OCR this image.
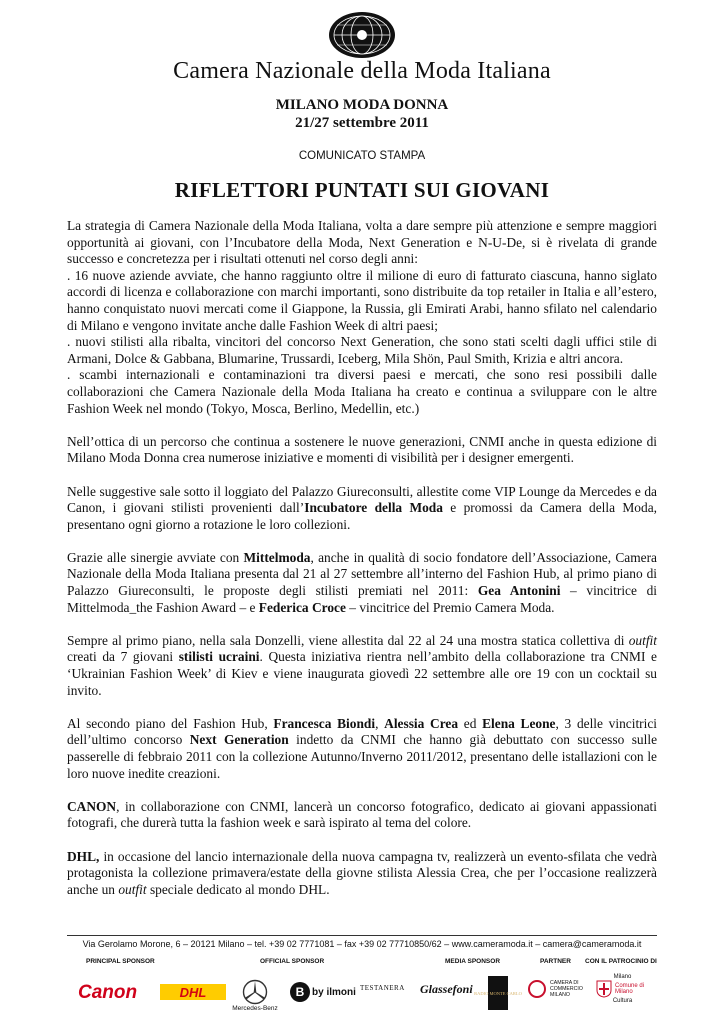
Camera Nazionale della Moda Italiana
MILANO MODA DONNA
21/27 settembre 2011
COMUNICATO STAMPA
RIFLETTORI PUNTATI SUI GIOVANI

La strategia di Camera Nazionale della Moda Italiana, volta a dare sempre più attenzione e sempre maggiori opportunità ai giovani, con l’Incubatore della Moda, Next Generation e N-U-De, si è rivelata di grande successo e concretezza per i risultati ottenuti nel corso degli anni:
. 16 nuove aziende avviate, che hanno raggiunto oltre il milione di euro di fatturato ciascuna, hanno siglato accordi di licenza e collaborazione con marchi importanti, sono distribuite da top retailer in Italia e all’estero, hanno conquistato nuovi mercati come il Giappone, la Russia, gli Emirati Arabi, hanno sfilato nel calendario di Milano e vengono invitate anche dalle Fashion Week di altri paesi;
. nuovi stilisti alla ribalta, vincitori del concorso Next Generation, che sono stati scelti dagli uffici stile di Armani, Dolce & Gabbana, Blumarine, Trussardi, Iceberg, Mila Shön, Paul Smith, Krizia e altri ancora.
. scambi internazionali e contaminazioni tra diversi paesi e mercati, che sono resi possibili dalle collaborazioni che Camera Nazionale della Moda Italiana ha creato e continua a sviluppare con le altre Fashion Week nel mondo (Tokyo, Mosca, Berlino, Medellin, etc.)

Nell’ottica di un percorso che continua a sostenere le nuove generazioni, CNMI anche in questa edizione di Milano Moda Donna crea numerose iniziative e momenti di visibilità per i designer emergenti.

Nelle suggestive sale sotto il loggiato del Palazzo Giureconsulti, allestite come VIP Lounge da Mercedes e da Canon, i giovani stilisti provenienti dall’Incubatore della Moda e promossi da Camera della Moda, presentano ogni giorno a rotazione le loro collezioni.

Grazie alle sinergie avviate con Mittelmoda, anche in qualità di socio fondatore dell’Associazione, Camera Nazionale della Moda Italiana presenta dal 21 al 27 settembre all’interno del Fashion Hub, al primo piano di Palazzo Giureconsulti, le proposte degli stilisti premiati nel 2011: Gea Antonini – vincitrice di Mittelmoda_the Fashion Award – e Federica Croce – vincitrice del Premio Camera Moda.

Sempre al primo piano, nella sala Donzelli, viene allestita dal 22 al 24 una mostra statica collettiva di outfit creati da 7 giovani stilisti ucraini. Questa iniziativa rientra nell’ambito della collaborazione tra CNMI e ‘Ukrainian Fashion Week’ di Kiev e viene inaugurata giovedì 22 settembre alle ore 19 con un cocktail su invito.

Al secondo piano del Fashion Hub, Francesca Biondi, Alessia Crea ed Elena Leone, 3 delle vincitrici dell’ultimo concorso Next Generation indetto da CNMI che hanno già debuttato con successo sulle passerelle di febbraio 2011 con la collezione Autunno/Inverno 2011/2012, presentano delle istallazioni con le loro nuove inedite creazioni.

CANON, in collaborazione con CNMI, lancerà un concorso fotografico, dedicato ai giovani appassionati fotografi, che durerà tutta la fashion week e sarà ispirato al tema del colore.

DHL, in occasione del lancio internazionale della nuova campagna tv, realizzerà un evento-sfilata che vedrà protagonista la collezione primavera/estate della giovne stilista Alessia Crea, che per l’occasione realizzerà anche un outfit speciale dedicato al mondo DHL.

Via Gerolamo Morone, 6 – 20121 Milano – tel. +39 02 7771081 – fax +39 02 77710850/62 – www.cameramoda.it – camera@cameramoda.it
PRINCIPAL SPONSOR	OFFICIAL SPONSOR	MEDIA SPONSOR	PARTNER CON IL PATROCINIO DI
Canon	DHL
Mercedes-Benz
B by ilmoni TESTANERA Glassefoni RADIO MONTE CARLO
CAMERA DI COMMERCIO MILANO
Milano
Comune di Milano
Cultura
